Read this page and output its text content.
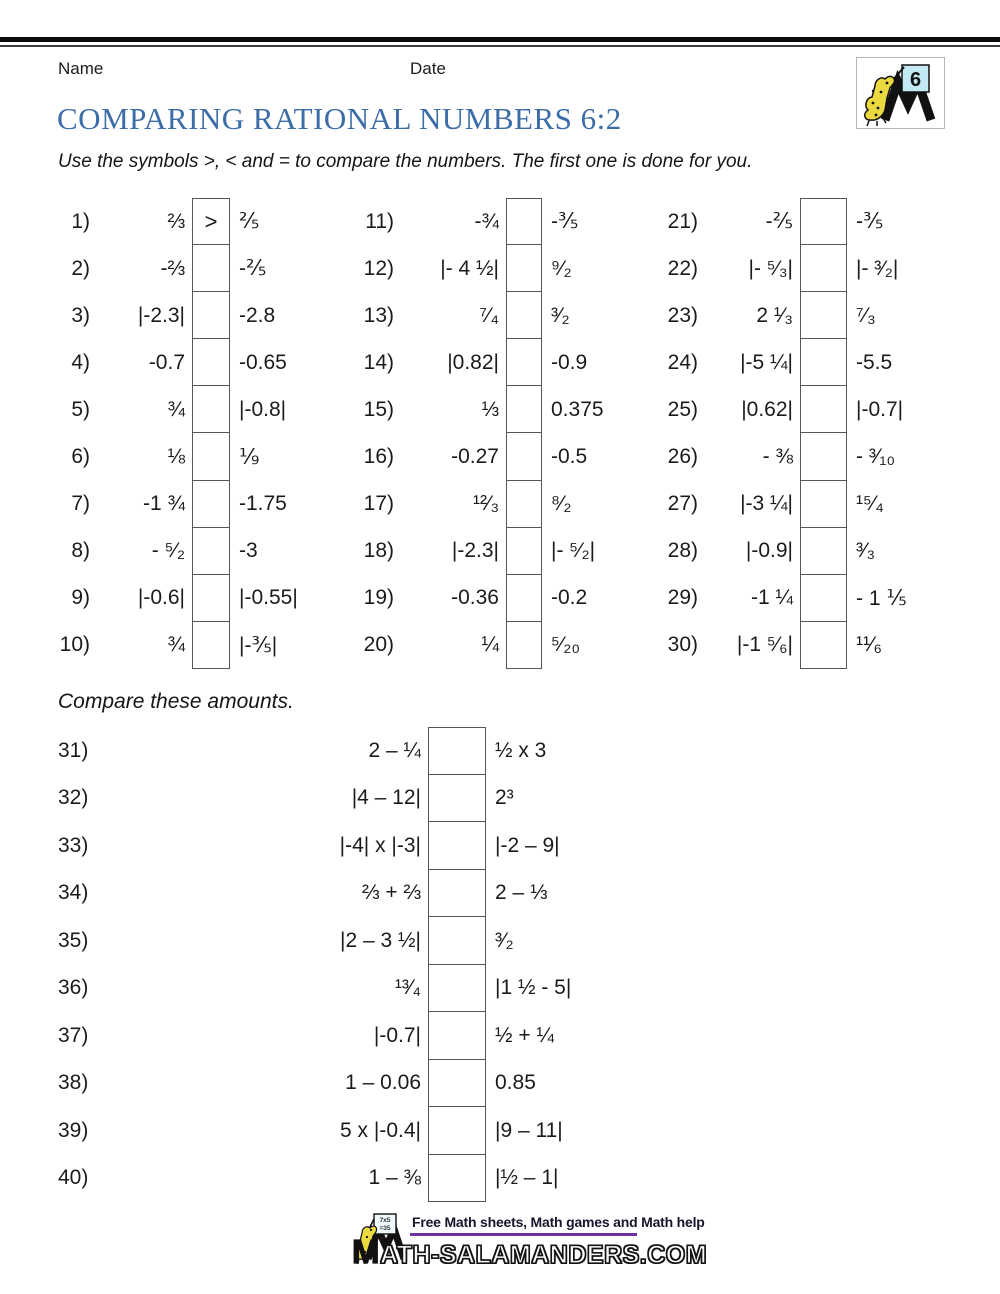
Name	Date
6
COMPARING RATIONAL NUMBERS 6:2
Use the symbols >, < and = to compare the numbers. The first one is done for you.
1)	⅔ >	⅖
2)	-⅔	-⅖
3)	|-2.3|	-2.8
4)	-0.7	-0.65
5)	¾	|-0.8|
6)	⅛	⅑
7)	-1 ¾	-1.75
8)	- ⁵⁄₂	-3
9)	|-0.6|	|-0.55|
10)	¾	|-⅗|
11)	-¾	-⅗
12)	|- 4 ½|	⁹⁄₂
13)	⁷⁄₄	³⁄₂
14)	|0.82|	-0.9
15)	⅓	0.375
16)	-0.27	-0.5
17)	¹²⁄₃	⁸⁄₂
18)	|-2.3|	|- ⁵⁄₂|
19)	-0.36	-0.2
20)	¼	⁵⁄₂₀
21)	-⅖	-⅗
22)	|- ⁵⁄₃|	|- ³⁄₂|
23)	2 ¹⁄₃	⁷⁄₃
24)	|-5 ¼|	-5.5
25)	|0.62|	|-0.7|
26)	- ⅜	- ³⁄₁₀
27)	|-3 ¼|	¹⁵⁄₄
28)	|-0.9|	³⁄₃
29)	-1 ¼	- 1 ⅕
30)	|-1 ⁵⁄₆|	¹¹⁄₆
Compare these amounts.
31)	2 – ¼	½ x 3
32)	|4 – 12|	2³
33)	|-4| x |-3|	|-2 – 9|
34)	⅔ + ⅔	2 – ⅓
35)	|2 – 3 ½|	³⁄₂
36)	¹³⁄₄	|1 ½ - 5|
37)	|-0.7|	½ + ¼
38)	1 – 0.06	0.85
39)	5 x |-0.4|	|9 – 11|
40)	1 – ⅜	|½ – 1|
7x5
=35 Free Math sheets, Math games and Math help
MATH-SALAMANDERS.COM
